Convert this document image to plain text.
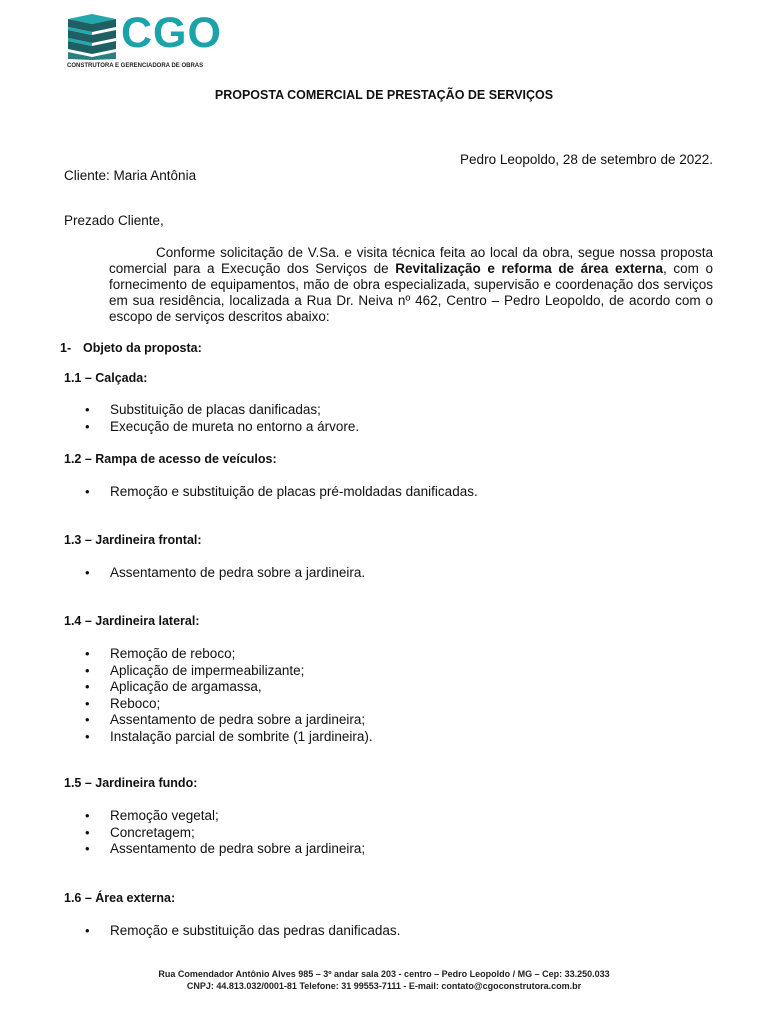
CGO
CONSTRUTORA E GERENCIADORA DE OBRAS
PROPOSTA COMERCIAL DE PRESTAÇÃO DE SERVIÇOS
Pedro Leopoldo, 28 de setembro de 2022.
Cliente: Maria Antônia
Prezado Cliente,

Conforme solicitação de V.Sa. e visita técnica feita ao local da obra, segue nossa proposta comercial para a Execução dos Serviços de Revitalização e reforma de área externa, com o fornecimento de equipamentos, mão de obra especializada, supervisão e coordenação dos serviços em sua residência, localizada a Rua Dr. Neiva nº 462, Centro – Pedro Leopoldo, de acordo com o escopo de serviços descritos abaixo:

1- Objeto da proposta:
1.1 – Calçada:
• Substituição de placas danificadas;
• Execução de mureta no entorno a árvore.
1.2 – Rampa de acesso de veículos:
• Remoção e substituição de placas pré-moldadas danificadas.
1.3 – Jardineira frontal:
• Assentamento de pedra sobre a jardineira.
1.4 – Jardineira lateral:
• Remoção de reboco;
• Aplicação de impermeabilizante;
• Aplicação de argamassa,
• Reboco;
• Assentamento de pedra sobre a jardineira;
• Instalação parcial de sombrite (1 jardineira).
1.5 – Jardineira fundo:
• Remoção vegetal;
• Concretagem;
• Assentamento de pedra sobre a jardineira;
1.6 – Área externa:
• Remoção e substituição das pedras danificadas.
Rua Comendador Antônio Alves 985 – 3º andar sala 203 - centro – Pedro Leopoldo / MG – Cep: 33.250.033
CNPJ: 44.813.032/0001-81 Telefone: 31 99553-7111 - E-mail: contato@cgoconstrutora.com.br
